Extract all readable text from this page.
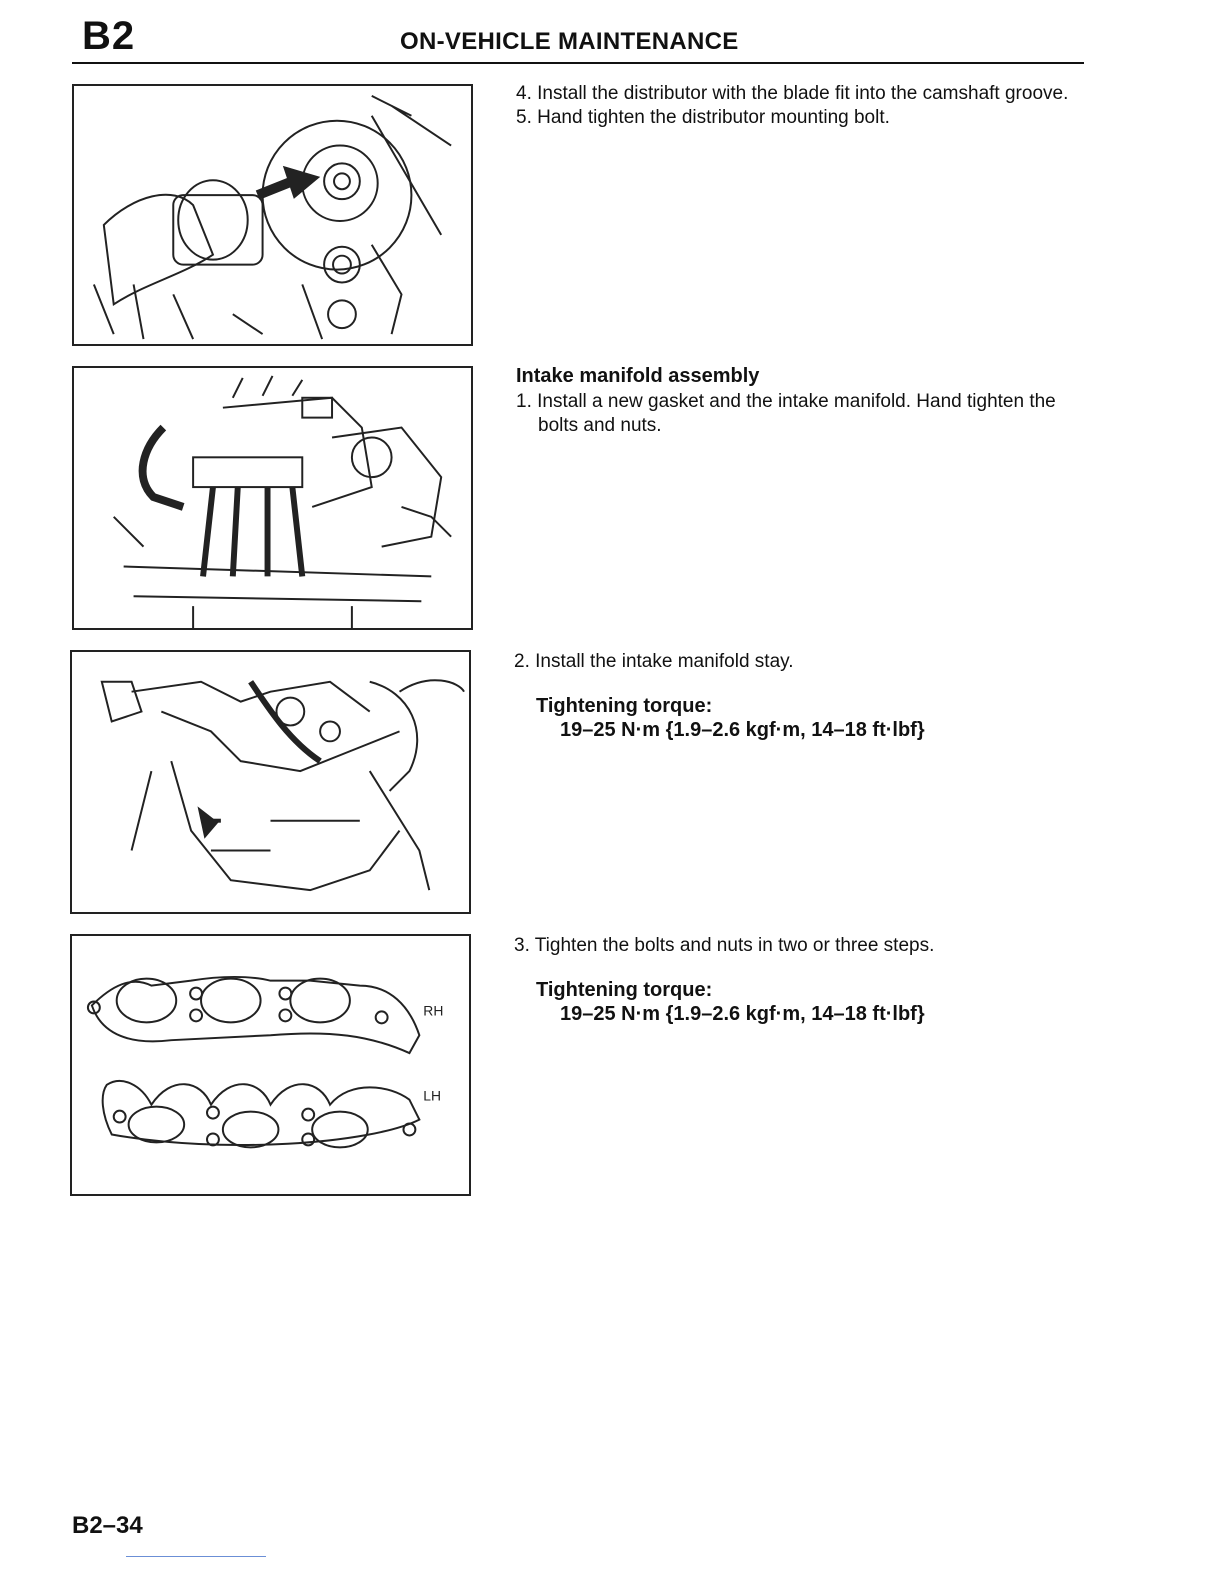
B2	ON-VEHICLE MAINTENANCE

4. Install the distributor with the blade fit into the camshaft groove.

5. Hand tighten the distributor mounting bolt.

Intake manifold assembly

1. Install a new gasket and the intake manifold. Hand tighten the bolts and nuts.

2. Install the intake manifold stay.

Tightening torque:

19–25 N·m {1.9–2.6 kgf·m, 14–18 ft·lbf}

RH
LH

3. Tighten the bolts and nuts in two or three steps.

Tightening torque:

19–25 N·m {1.9–2.6 kgf·m, 14–18 ft·lbf}

B2–34
